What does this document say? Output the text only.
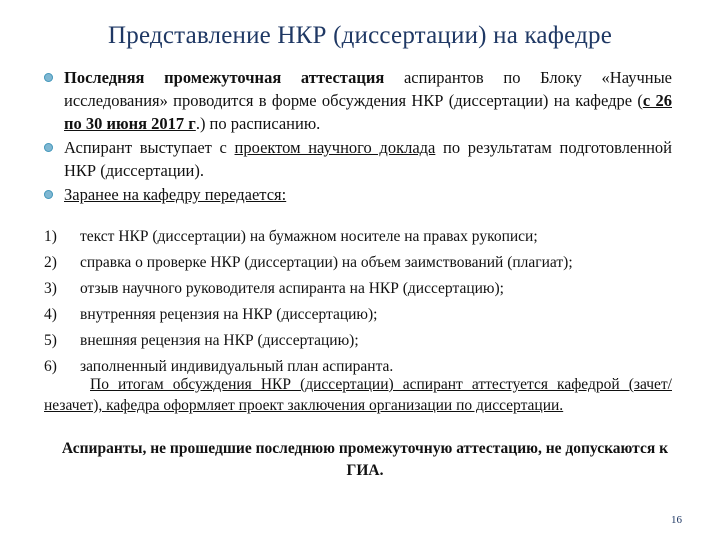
Представление НКР (диссертации) на кафедре
Последняя промежуточная аттестация аспирантов по Блоку «Научные исследования» проводится в форме обсуждения НКР (диссертации) на кафедре (с 26 по 30 июня 2017 г.) по расписанию.
Аспирант выступает с проектом научного доклада по результатам подготовленной НКР (диссертации).
Заранее на кафедру передается:
1)	текст НКР (диссертации) на бумажном носителе на правах рукописи;
2)	справка о проверке НКР (диссертации) на объем заимствований (плагиат);
3)	отзыв научного руководителя аспиранта на НКР (диссертацию);
4)	внутренняя рецензия на НКР (диссертацию);
5)	внешняя рецензия на НКР (диссертацию);
6)	заполненный индивидуальный план аспиранта.
По итогам обсуждения НКР (диссертации) аспирант аттестуется кафедрой (зачет/незачет), кафедра оформляет проект заключения организации по диссертации.
Аспиранты, не прошедшие последнюю промежуточную аттестацию, не допускаются к ГИА.
16
